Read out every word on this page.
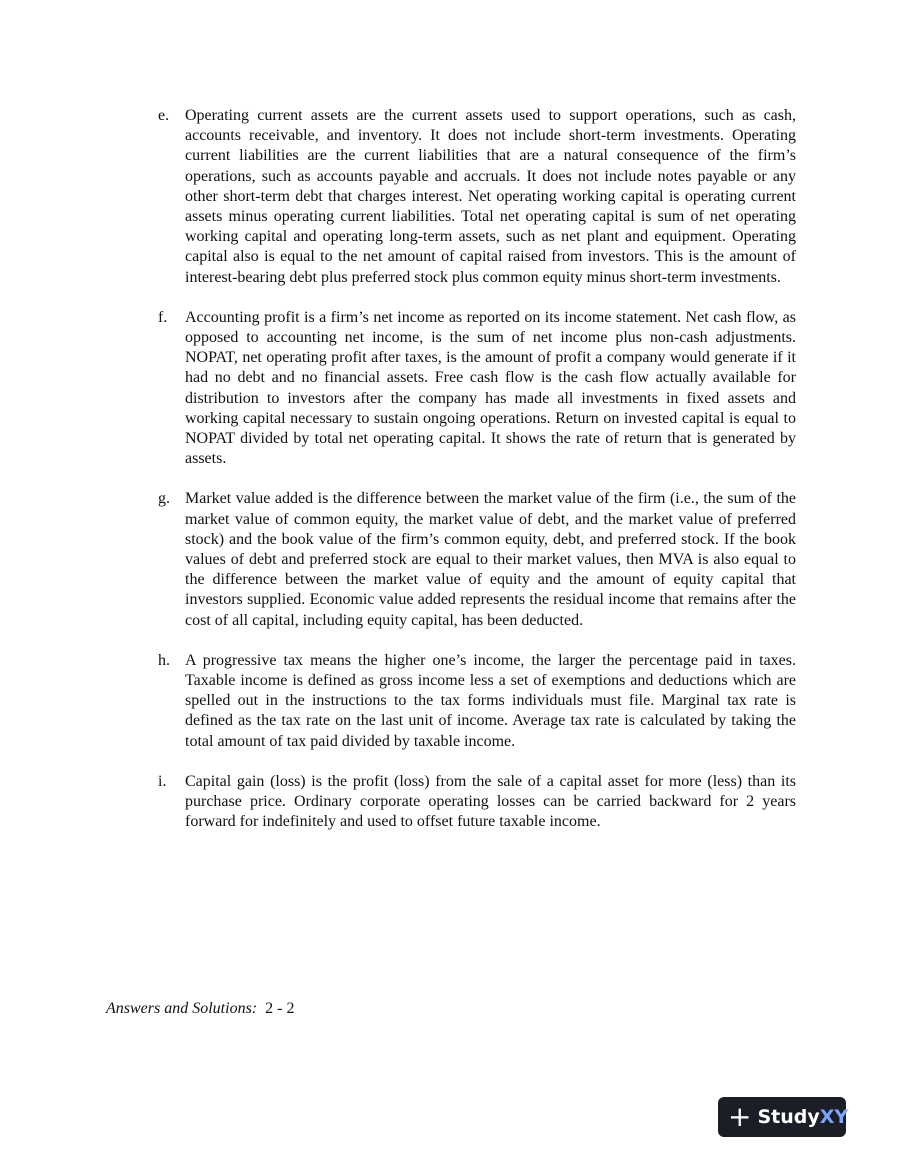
e. Operating current assets are the current assets used to support operations, such as cash, accounts receivable, and inventory. It does not include short-term investments. Operating current liabilities are the current liabilities that are a natural consequence of the firm’s operations, such as accounts payable and accruals. It does not include notes payable or any other short-term debt that charges interest. Net operating working capital is operating current assets minus operating current liabilities. Total net operating capital is sum of net operating working capital and operating long-term assets, such as net plant and equipment. Operating capital also is equal to the net amount of capital raised from investors. This is the amount of interest-bearing debt plus preferred stock plus common equity minus short-term investments.
f.	Accounting profit is a firm’s net income as reported on its income statement. Net cash flow, as opposed to accounting net income, is the sum of net income plus non-cash adjustments. NOPAT, net operating profit after taxes, is the amount of profit a company would generate if it had no debt and no financial assets. Free cash flow is the cash flow actually available for distribution to investors after the company has made all investments in fixed assets and working capital necessary to sustain ongoing operations. Return on invested capital is equal to NOPAT divided by total net operating capital. It shows the rate of return that is generated by assets.
g. Market value added is the difference between the market value of the firm (i.e., the sum of the market value of common equity, the market value of debt, and the market value of preferred stock) and the book value of the firm’s common equity, debt, and preferred stock. If the book values of debt and preferred stock are equal to their market values, then MVA is also equal to the difference between the market value of equity and the amount of equity capital that investors supplied. Economic value added represents the residual income that remains after the cost of all capital, including equity capital, has been deducted.
h. A progressive tax means the higher one’s income, the larger the percentage paid in taxes. Taxable income is defined as gross income less a set of exemptions and deductions which are spelled out in the instructions to the tax forms individuals must file. Marginal tax rate is defined as the tax rate on the last unit of income. Average tax rate is calculated by taking the total amount of tax paid divided by taxable income.
i.	Capital gain (loss) is the profit (loss) from the sale of a capital asset for more (less) than its purchase price. Ordinary corporate operating losses can be carried backward for 2 years forward for indefinitely and used to offset future taxable income.
Answers and Solutions: 2 - 2
+ Study XY
